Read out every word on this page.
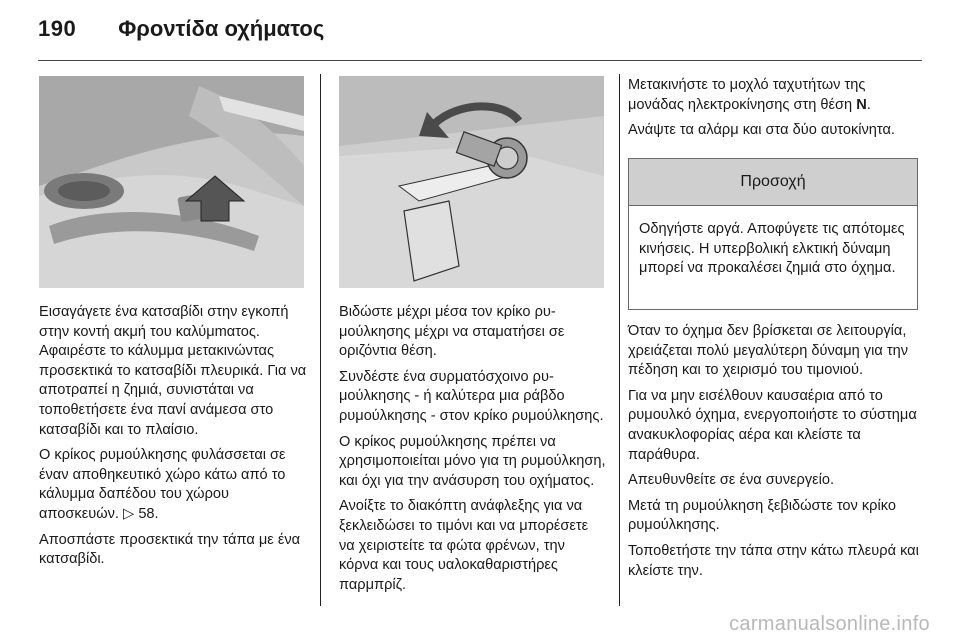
190 Φροντίδα οχήματος

Εισαγάγετε ένα κατσαβίδι στην εγκοπή στην κοντή ακμή του καλύμmατος. Αφαιρέστε το κάλυμμα μετακινώντας προσεκτικά το κατσαβίδι πλευρικά. Για να αποτραπεί η ζημιά, συνιστάται να τοποθετήσετε ένα πανί ανάμεσα στο κατσαβίδι και το πλαίσιο.

Ο κρίκος ρυμούλκησης φυλάσσεται σε έναν αποθηκευτικό χώρο κάτω από το κάλυμμα δαπέδου του χώρου αποσκευών. ▷ 58.

Αποσπάστε προσεκτικά την τάπα με ένα κατσαβίδι.

Βιδώστε μέχρι μέσα τον κρίκο ρυμούλκησης μέχρι να σταματήσει σε οριζόντια θέση.

Συνδέστε ένα συρματόσχοινο ρυμούλκησης - ή καλύτερα μια ράβδο ρυμούλκησης - στον κρίκο ρυμούλκησης.

Ο κρίκος ρυμούλκησης πρέπει να χρησιμοποιείται μόνο για τη ρυμούλκηση, και όχι για την ανάσυρση του οχήματος.

Ανοίξτε το διακόπτη ανάφλεξης για να ξεκλειδώσει το τιμόνι και να μπορέσετε να χειριστείτε τα φώτα φρένων, την κόρνα και τους υαλοκαθαριστήρες παρμπρίζ.

Μετακινήστε το μοχλό ταχυτήτων της μονάδας ηλεκτροκίνησης στη θέση N.

Ανάψτε τα αλάρμ και στα δύο αυτοκίνητα.

Προσοχή
Οδηγήστε αργά. Αποφύγετε τις απότομες κινήσεις. Η υπερβολική ελκτική δύναμη μπορεί να προκαλέσει ζημιά στο όχημα.

Όταν το όχημα δεν βρίσκεται σε λειτουργία, χρειάζεται πολύ μεγαλύτερη δύναμη για την πέδηση και το χειρισμό του τιμονιού.

Για να μην εισέλθουν καυσαέρια από το ρυμουλκό όχημα, ενεργοποιήστε το σύστημα ανακυκλοφορίας αέρα και κλείστε τα παράθυρα.

Απευθυνθείτε σε ένα συνεργείο.

Μετά τη ρυμούλκηση ξεβιδώστε τον κρίκο ρυμούλκησης.

Τοποθετήστε την τάπα στην κάτω πλευρά και κλείστε την.

carmanualsonline.info
